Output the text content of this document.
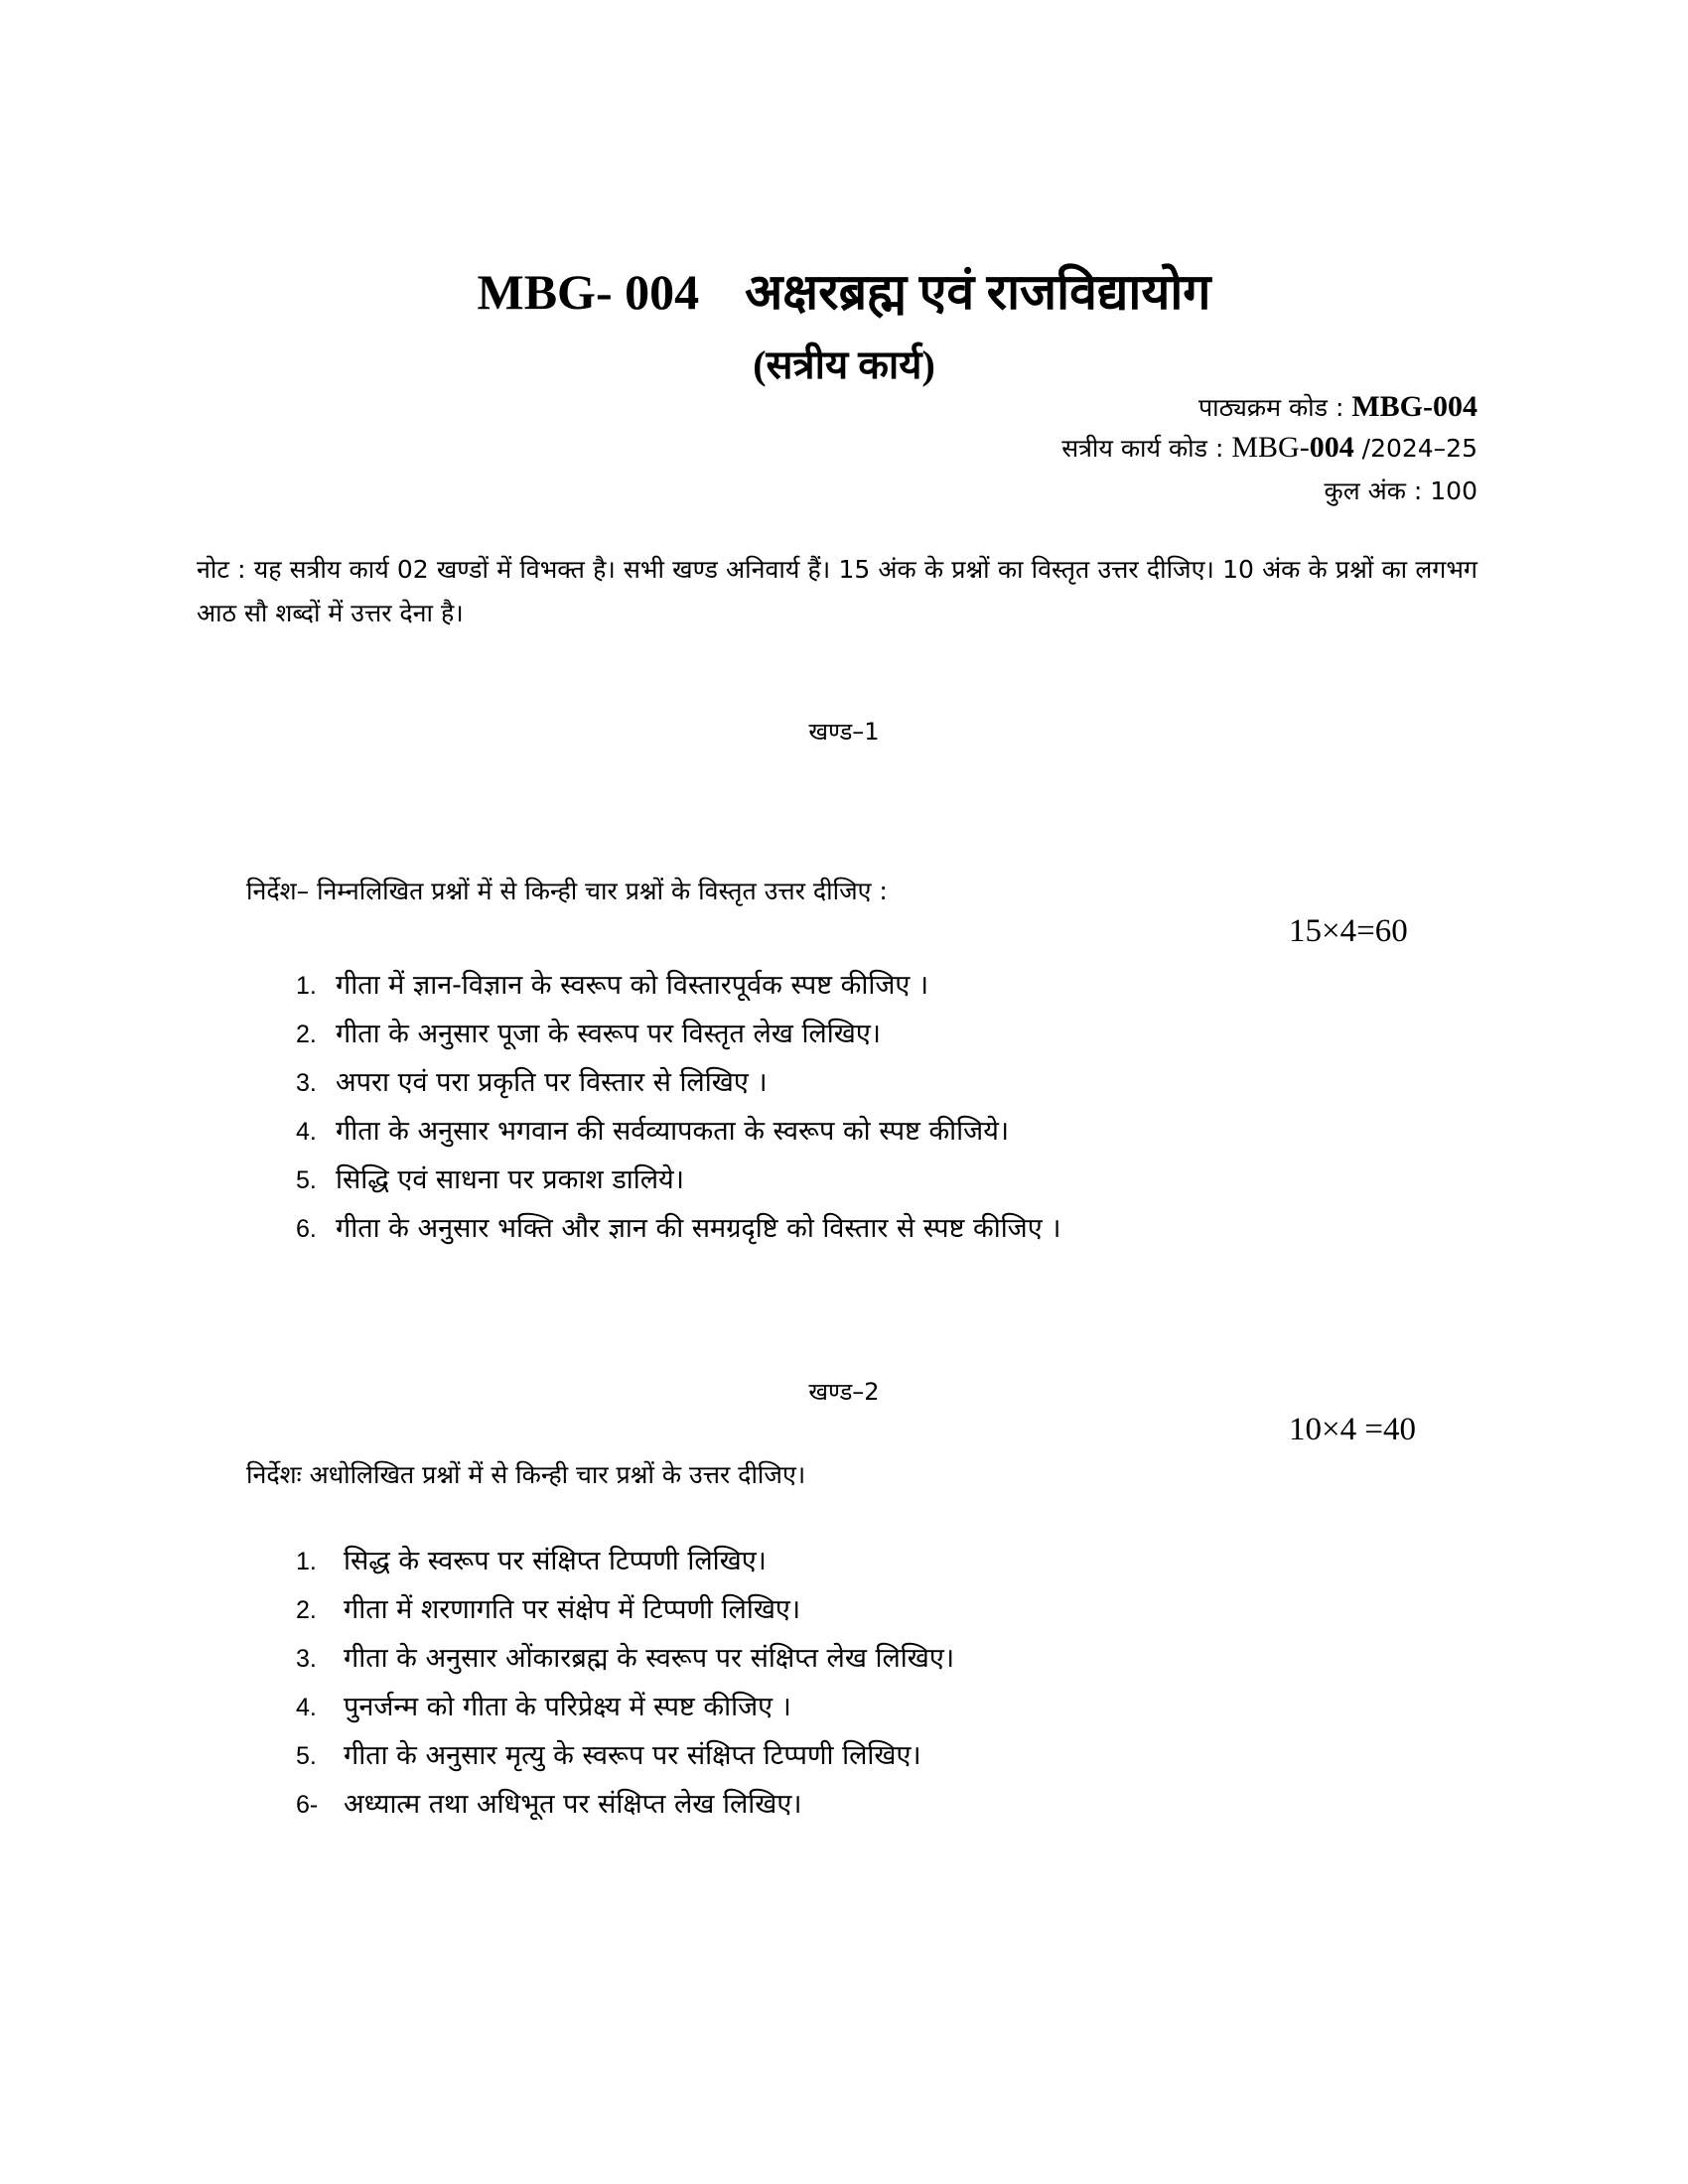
MBG- 004 अक्षरब्रह्म एवं राजविद्यायोग
(सत्रीय कार्य)
पाठ्यक्रम कोड : MBG-004
सत्रीय कार्य कोड : MBG-004 /2024–25
कुल अंक : 100
नोट : यह सत्रीय कार्य 02 खण्डों में विभक्त है। सभी खण्ड अनिवार्य हैं। 15 अंक के प्रश्नों का विस्तृत उत्तर दीजिए। 10 अंक के प्रश्नों का लगभग आठ सौ शब्दों में उत्तर देना है।
खण्ड–1
निर्देश– निम्नलिखित प्रश्नों में से किन्ही चार प्रश्नों के विस्तृत उत्तर दीजिए :
15×4=60
1. गीता में ज्ञान-विज्ञान के स्वरूप को विस्तारपूर्वक स्पष्ट कीजिए ।
2. गीता के अनुसार पूजा के स्वरूप पर विस्तृत लेख लिखिए।
3. अपरा एवं परा प्रकृति पर विस्तार से लिखिए ।
4. गीता के अनुसार भगवान की सर्वव्यापकता के स्वरूप को स्पष्ट कीजिये।
5. सिद्धि एवं साधना पर प्रकाश डालिये।
6. गीता के अनुसार भक्ति और ज्ञान की समग्रदृष्टि को विस्तार से स्पष्ट कीजिए ।
खण्ड–2
10×4 =40
निर्देशः अधोलिखित प्रश्नों में से किन्ही चार प्रश्नों के उत्तर दीजिए।
1.	सिद्ध के स्वरूप पर संक्षिप्त टिप्पणी लिखिए।
2.	गीता में शरणागति पर संक्षेप में टिप्पणी लिखिए।
3.	गीता के अनुसार ओंकारब्रह्म के स्वरूप पर संक्षिप्त लेख लिखिए।
4.	पुनर्जन्म को गीता के परिप्रेक्ष्य में स्पष्ट कीजिए ।
5.	गीता के अनुसार मृत्यु के स्वरूप पर संक्षिप्त टिप्पणी लिखिए।
6- अध्यात्म तथा अधिभूत पर संक्षिप्त लेख लिखिए।
